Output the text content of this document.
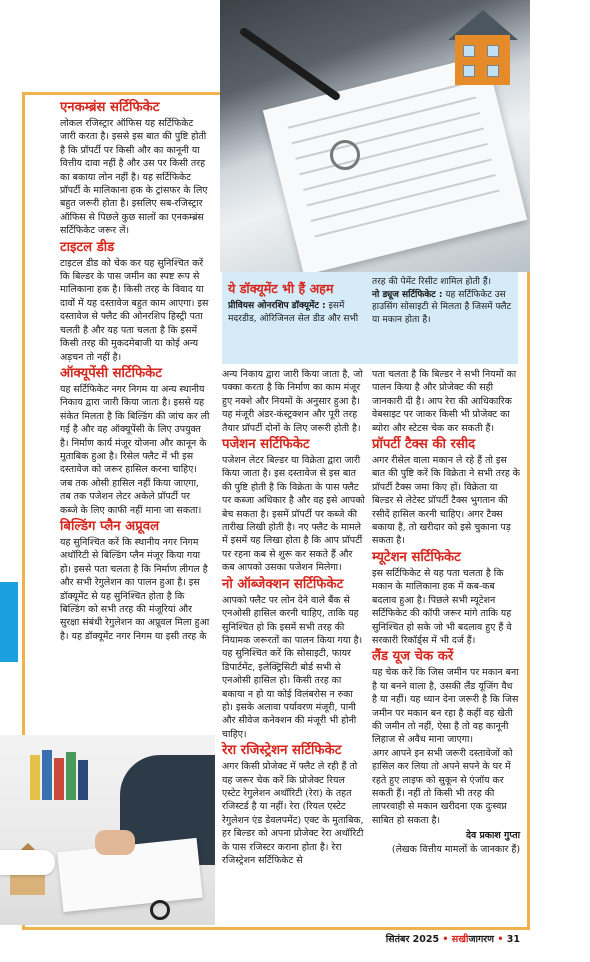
ये डॉक्यूमेंट भी हैं अहम

प्रीवियस ओनरशिप डॉक्यूमेंट : इसमें मदरडीड, ओरिजिनल सेल डीड और सभी

तरह की पेमेंट रिसीट शामिल होती हैं।
नो ड्यूज सर्टिफिकेट : यह सर्टिफिकेट उस हाउसिंग सोसाइटी से मिलता है जिसमें फ्लैट या मकान होता है।

एनकम्ब्रंस सर्टिफिकेट

लोकल रजिस्ट्रार ऑफिस यह सर्टिफिकेट जारी करता है। इससे इस बात की पुष्टि होती है कि प्रॉपर्टी पर किसी और का कानूनी या वित्तीय दावा नहीं है और उस पर किसी तरह का बकाया लोन नहीं है। यह सर्टिफिकेट प्रॉपर्टी के मालिकाना हक के ट्रांसफर के लिए बहुत जरूरी होता है। इसलिए सब-रजिस्ट्रार ऑफिस से पिछले कुछ सालों का एनकम्ब्रंस सर्टिफिकेट जरूर लें।

टाइटल डीड

टाइटल डीड को चेक कर यह सुनिश्चित करें कि बिल्डर के पास जमीन का स्पष्ट रूप से मालिकाना हक है। किसी तरह के विवाद या दावों में यह दस्तावेज बहुत काम आएगा। इस दस्तावेज से फ्लैट की ओनरशिप हिस्ट्री पता चलती है और यह पता चलता है कि इसमें किसी तरह की मुकदमेबाजी या कोई अन्य अड़चन तो नहीं है।

ऑक्यूपेंसी सर्टिफिकेट

यह सर्टिफिकेट नगर निगम या अन्य स्थानीय निकाय द्वारा जारी किया जाता है। इससे यह संकेत मिलता है कि बिल्डिंग की जांच कर ली गई है और वह ऑक्यूपेंसी के लिए उपयुक्त है। निर्माण कार्य मंजूर योजना और कानून के मुताबिक हुआ है। रिसेल फ्लैट में भी इस दस्तावेज को जरूर हासिल करना चाहिए। जब तक ओसी हासिल नहीं किया जाएगा, तब तक पजेशन लेटर अकेले प्रॉपर्टी पर कब्जे के लिए काफी नहीं माना जा सकता।

बिल्डिंग प्लैन अप्रूवल

यह सुनिश्चित करें कि स्थानीय नगर निगम अथॉरिटी से बिल्डिंग प्लैन मंजूर किया गया हो। इससे पता चलता है कि निर्माण लीगल है और सभी रेगुलेशन का पालन हुआ है। इस डॉक्यूमेंट से यह सुनिश्चित होता है कि बिल्डिंग को सभी तरह की मंजूरियां और सुरक्षा संबंधी रेगुलेशन का अप्रूवल मिला हुआ है। यह डॉक्यूमेंट नगर निगम या इसी तरह के

अन्य निकाय द्वारा जारी किया जाता है, जो पक्का करता है कि निर्माण का काम मंजूर हुए नक्शे और नियमों के अनुसार हुआ है। यह मंजूरी अंडर-कंस्ट्रक्शन और पूरी तरह तैयार प्रॉपर्टी दोनों के लिए जरूरी होती है।

पजेशन सर्टिफिकेट

पजेशन लेटर बिल्डर या विक्रेता द्वारा जारी किया जाता है। इस दस्तावेज से इस बात की पुष्टि होती है कि विक्रेता के पास फ्लैट पर कब्जा अधिकार है और वह इसे आपको बेच सकता है। इसमें प्रॉपर्टी पर कब्जे की तारीख लिखी होती है। नए फ्लैट के मामले में इसमें यह लिखा होता है कि आप प्रॉपर्टी पर रहना कब से शुरू कर सकते हैं और कब आपको उसका पजेशन मिलेगा।

नो ऑब्जेक्शन सर्टिफिकेट

आपको फ्लैट पर लोन देने वाले बैंक से एनओसी हासिल करनी चाहिए, ताकि यह सुनिश्चित हो कि इसमें सभी तरह की नियामक जरूरतों का पालन किया गया है। यह सुनिश्चित करें कि सोसाइटी, फायर डिपार्टमेंट, इलेक्ट्रिसिटी बोर्ड सभी से एनओसी हासिल हो। किसी तरह का बकाया न हो या कोई विलंबरोस न रुका हो। इसके अलावा पर्यावरण मंजूरी, पानी और सीवेज कनेक्शन की मंजूरी भी होनी चाहिए।

रेरा रजिस्ट्रेशन सर्टिफिकेट

अगर किसी प्रोजेक्ट में फ्लैट ले रही हैं तो यह जरूर चेक करें कि प्रोजेक्ट रियल एस्टेट रेगुलेशन अथॉरिटी (रेरा) के तहत रजिस्टर्ड है या नहीं। रेरा (रियल एस्टेट रेगुलेशन एंड डेवलपमेंट) एक्ट के मुताबिक, हर बिल्डर को अपना प्रोजेक्ट रेरा अथॉरिटी के पास रजिस्टर कराना होता है। रेरा रजिस्ट्रेशन सर्टिफिकेट से

पता चलता है कि बिल्डर ने सभी नियमों का पालन किया है और प्रोजेक्ट की सही जानकारी दी है। आप रेरा की आधिकारिक वेबसाइट पर जाकर किसी भी प्रोजेक्ट का ब्योरा और स्टेटस चेक कर सकती हैं।

प्रॉपर्टी टैक्स की रसीद

अगर रीसेल वाला मकान ले रहे हैं तो इस बात की पुष्टि करें कि विक्रेता ने सभी तरह के प्रॉपर्टी टैक्स जमा किए हों। विक्रेता या बिल्डर से लेटेस्ट प्रॉपर्टी टैक्स भुगतान की रसीदें हासिल करनी चाहिए। अगर टैक्स बकाया है, तो खरीदार को इसे चुकाना पड़ सकता है।

म्यूटेशन सर्टिफिकेट

इस सर्टिफिकेट से यह पता चलता है कि मकान के मालिकाना हक में कब-कब बदलाव हुआ है। पिछले सभी म्यूटेशन सर्टिफिकेट की कॉपी जरूर मांगे ताकि यह सुनिश्चित हो सके जो भी बदलाव हुए हैं वे सरकारी रिकॉर्ड्स में भी दर्ज हैं।

लैंड यूज चेक करें

यह चेक करें कि जिस जमीन पर मकान बना है या बनने वाला है, उसकी लैंड यूजिंग वैध है या नहीं। यह ध्यान देना जरूरी है कि जिस जमीन पर मकान बन रहा है कहीं वह खेती की जमीन तो नहीं, ऐसा है तो वह कानूनी लिहाज से अवैध माना जाएगा।

अगर आपने इन सभी जरूरी दस्तावेजों को हासिल कर लिया तो अपने सपने के घर में रहते हुए लाइफ को सुकून से एंजॉय कर सकती हैं। नहीं तो किसी भी तरह की लापरवाही से मकान खरीदना एक दुःस्वप्न साबित हो सकता है।

देव प्रकाश गुप्ता

(लेखक वित्तीय मामलों के जानकार हैं)

सितंबर 2025 • सखीजागरण • 31
